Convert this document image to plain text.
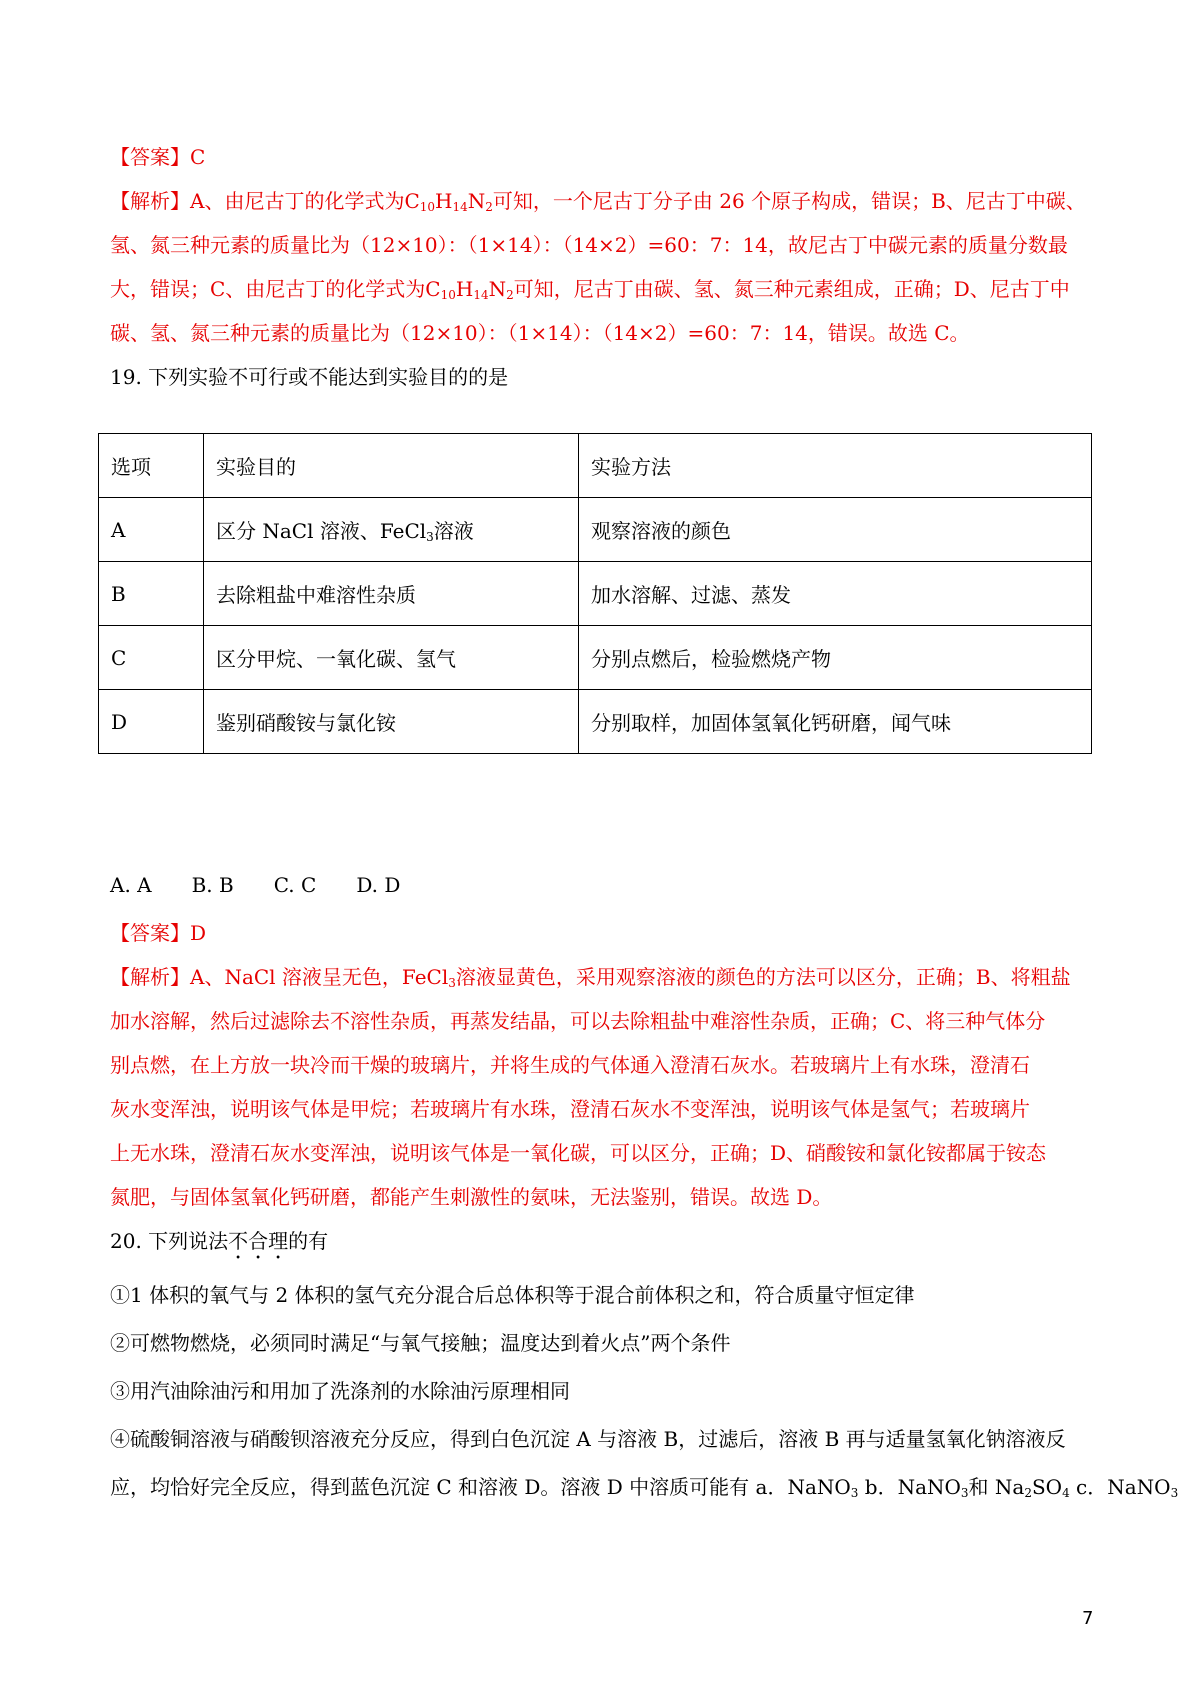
【答案】C
【解析】A、由尼古丁的化学式为$C_{10}H_{14}N_2$可知，一个尼古丁分子由 26 个原子构成，错误；B、尼古丁中碳、
氢、氮三种元素的质量比为（12×10）：（1×14）：（14×2）=60：7：14，故尼古丁中碳元素的质量分数最
大，错误；C、由尼古丁的化学式为$C_{10}H_{14}N_2$可知，尼古丁由碳、氢、氮三种元素组成，正确；D、尼古丁中
碳、氢、氮三种元素的质量比为（12×10）：（1×14）：（14×2）=60：7：14，错误。故选 C。
19. 下列实验不可行或不能达到实验目的的是
选项	实验目的	实验方法
A	区分 NaCl 溶液、FeCl$_3$溶液	观察溶液的颜色
B	去除粗盐中难溶性杂质	加水溶解、过滤、蒸发
C	区分甲烷、一氧化碳、氢气	分别点燃后，检验燃烧产物
D	鉴别硝酸铵与氯化铵	分别取样，加固体氢氧化钙研磨，闻气味
A. A B. B C. C D. D
【答案】D
【解析】A、NaCl 溶液呈无色，FeCl$_3$溶液显黄色，采用观察溶液的颜色的方法可以区分，正确；B、将粗盐
加水溶解，然后过滤除去不溶性杂质，再蒸发结晶，可以去除粗盐中难溶性杂质，正确；C、将三种气体分
别点燃，在上方放一块冷而干燥的玻璃片，并将生成的气体通入澄清石灰水。若玻璃片上有水珠，澄清石
灰水变浑浊，说明该气体是甲烷；若玻璃片有水珠，澄清石灰水不变浑浊，说明该气体是氢气；若玻璃片
上无水珠，澄清石灰水变浑浊，说明该气体是一氧化碳，可以区分，正确；D、硝酸铵和氯化铵都属于铵态
氮肥，与固体氢氧化钙研磨，都能产生刺激性的氨味，无法鉴别，错误。故选 D。
20. 下列说法不合理的有
①1 体积的氧气与 2 体积的氢气充分混合后总体积等于混合前体积之和，符合质量守恒定律
②可燃物燃烧，必须同时满足“与氧气接触；温度达到着火点”两个条件
③用汽油除油污和用加了洗涤剂的水除油污原理相同
④硫酸铜溶液与硝酸钡溶液充分反应，得到白色沉淀 A 与溶液 B，过滤后，溶液 B 再与适量氢氧化钠溶液反
应，均恰好完全反应，得到蓝色沉淀 C 和溶液 D。溶液 D 中溶质可能有 a．NaNO$_3$ b．NaNO$_3$和 $Na_2SO_4$ c．NaNO$_3$
7
